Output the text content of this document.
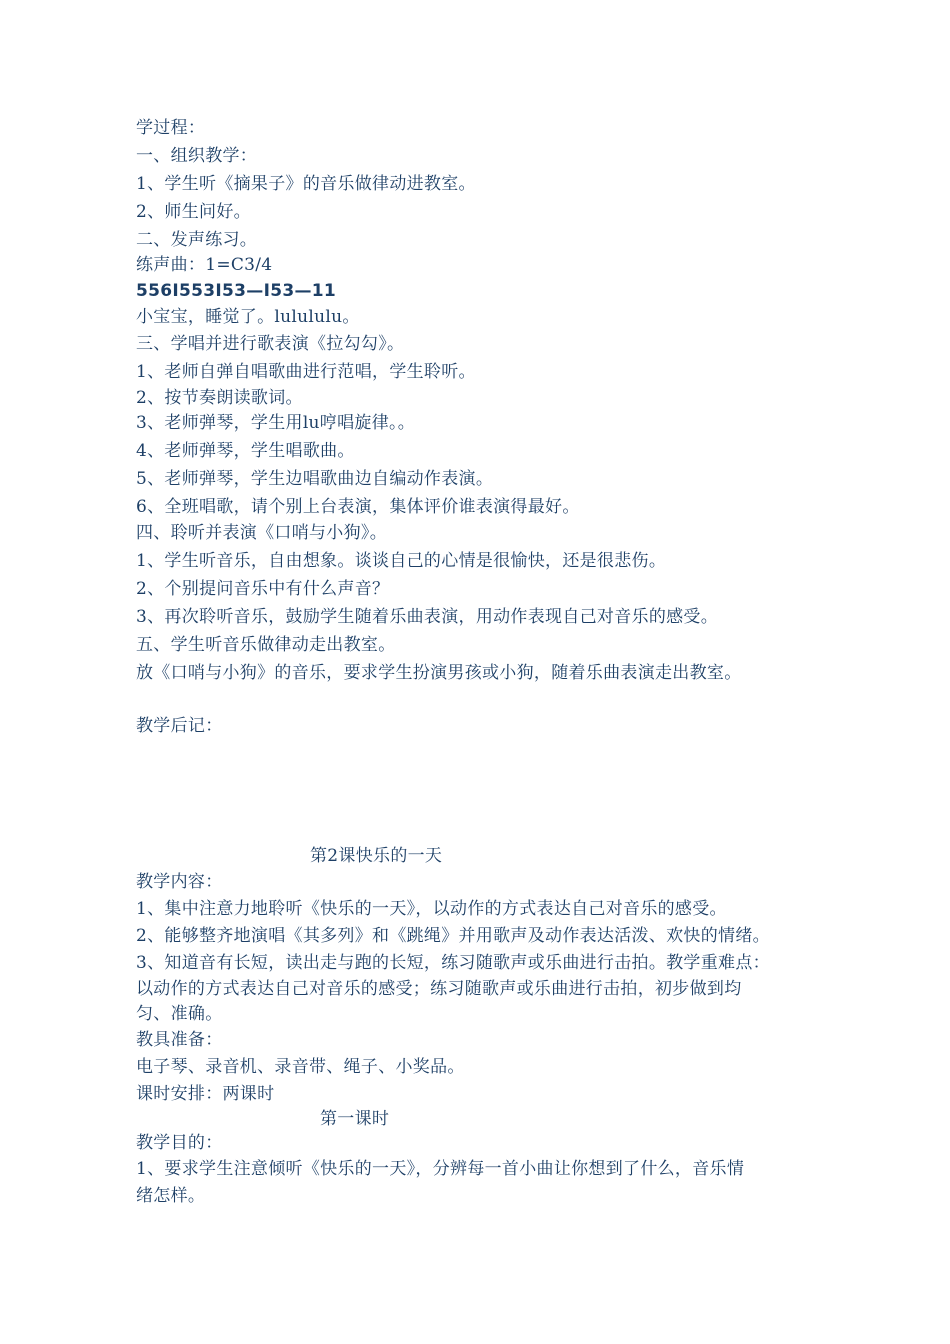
学过程：
一、组织教学：
1、学生听《摘果子》的音乐做律动进教室。
2、师生问好。
二、发声练习。
练声曲：1=C3/4
556I553I53—I53—11
小宝宝，睡觉了。lulululu。
三、学唱并进行歌表演《拉勾勾》。
1、老师自弹自唱歌曲进行范唱，学生聆听。
2、按节奏朗读歌词。
3、老师弹琴，学生用lu哼唱旋律。。
4、老师弹琴，学生唱歌曲。
5、老师弹琴，学生边唱歌曲边自编动作表演。
6、全班唱歌，请个别上台表演，集体评价谁表演得最好。
四、聆听并表演《口哨与小狗》。
1、学生听音乐，自由想象。谈谈自己的心情是很愉快，还是很悲伤。
2、个别提问音乐中有什么声音？
3、再次聆听音乐，鼓励学生随着乐曲表演，用动作表现自己对音乐的感受。
五、学生听音乐做律动走出教室。
放《口哨与小狗》的音乐，要求学生扮演男孩或小狗，随着乐曲表演走出教室。
教学后记：
第2课快乐的一天
教学内容：
1、集中注意力地聆听《快乐的一天》，以动作的方式表达自己对音乐的感受。
2、能够整齐地演唱《其多列》和《跳绳》并用歌声及动作表达活泼、欢快的情绪。
3、知道音有长短，读出走与跑的长短，练习随歌声或乐曲进行击拍。教学重难点：
以动作的方式表达自己对音乐的感受；练习随歌声或乐曲进行击拍，初步做到均
匀、准确。
教具准备：
电子琴、录音机、录音带、绳子、小奖品。
课时安排：两课时
第一课时
教学目的：
1、要求学生注意倾听《快乐的一天》，分辨每一首小曲让你想到了什么，音乐情
绪怎样。
